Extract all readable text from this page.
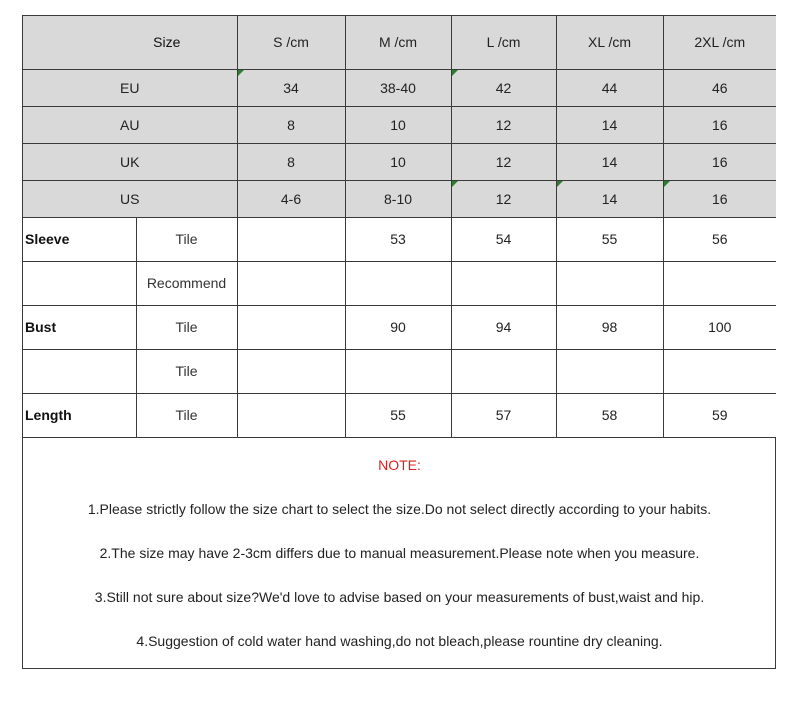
Size		S /cm	M /cm	L /cm	XL /cm	2XL /cm
EU		34	38-40	42	44	46
AU		8	10	12	14	16
UK		8	10	12	14	16
US		4-6	8-10	12	14	16
Sleeve	Tile		53	54	55	56
	Recommend					
Bust	Tile		90	94	98	100
	Tile					
Length	Tile		55	57	58	59
NOTE:
1.Please strictly follow the size chart to select the size.Do not select directly according to your habits.
2.The size may have 2-3cm differs due to manual measurement.Please note when you measure.
3.Still not sure about size?We'd love to advise based on your measurements of bust,waist and hip.
4.Suggestion of cold water hand washing,do not bleach,please rountine dry cleaning.
